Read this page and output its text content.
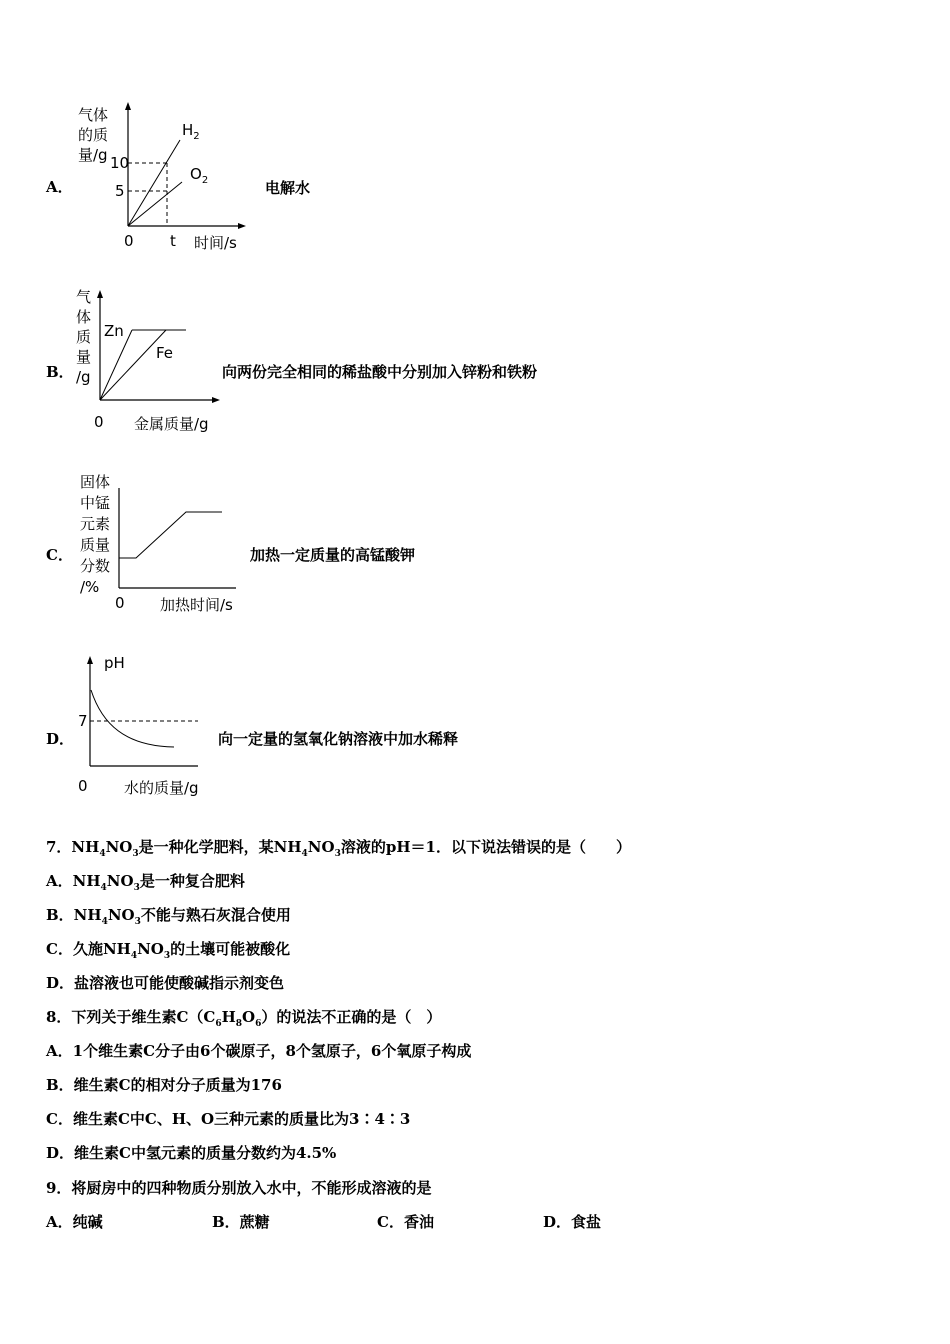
A．
气体
的质
量/g 10
5
$H_2$
$O_2$
0 t 时间/s
电解水
B．
气
体
质
量
/g
Zn
Fe
0 金属质量/g
向两份完全相同的稀盐酸中分别加入锌粉和铁粉
C．
固体
中锰
元素
质量
分数
/%
0 加热时间/s
加热一定质量的高锰酸钾
D．
pH
7
0 水的质量/g
向一定量的氢氧化钠溶液中加水稀释
7．$NH_4NO_3$是一种化学肥料，某$NH_4NO_3$溶液的pH＝1．以下说法错误的是（　　）
A．$NH_4NO_3$是一种复合肥料
B．$NH_4NO_3$不能与熟石灰混合使用
C．久施$NH_4NO_3$的土壤可能被酸化
D．盐溶液也可能使酸碱指示剂变色
8．下列关于维生素$C(C_6H_8O_6)$的说法不正确的是（　）
A．1个维生素C分子由6个碳原子，8个氢原子，6个氧原子构成
B．维生素C的相对分子质量为176
C．维生素C中C、H、O三种元素的质量比为3∶4∶3
D．维生素C中氢元素的质量分数约为4.5%
9．将厨房中的四种物质分别放入水中，不能形成溶液的是
A．纯碱	B．蔗糖	C．香油	D．食盐
